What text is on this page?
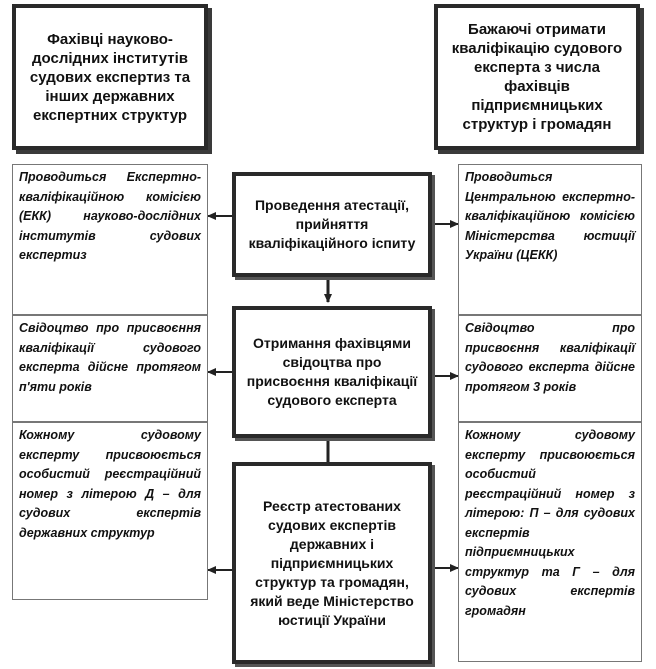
Фахівці науково-дослідних інститутів судових експертиз та інших державних експертних структур
Бажаючі отримати кваліфікацію судового експерта з числа фахівців підприємницьких структур і громадян
Проведення атестації, прийняття кваліфікаційного іспиту
Отримання фахівцями свідоцтва про присвоєння кваліфікації судового експерта
Реєстр атестованих судових експертів державних і підприємницьких структур та громадян, який веде Міністерство юстиції України
Проводиться Експертно-кваліфікаційною комісією (ЕКК) науково-дослідних інститутів судових експертиз
Свідоцтво про присвоєння кваліфікації судового експерта дійсне протягом п'яти років
Кожному судовому експерту присвоюється особистий реєстраційний номер з літерою Д – для судових експертів державних структур
Проводиться Центральною експертно-кваліфікаційною комісією Міністерства юстиції України (ЦЕКК)
Свідоцтво про присвоєння кваліфікації судового експерта дійсне протягом 3 років
Кожному судовому експерту присвоюється особистий реєстраційний номер з літерою: П – для судових експертів підприємницьких структур та Г – для судових експертів громадян
